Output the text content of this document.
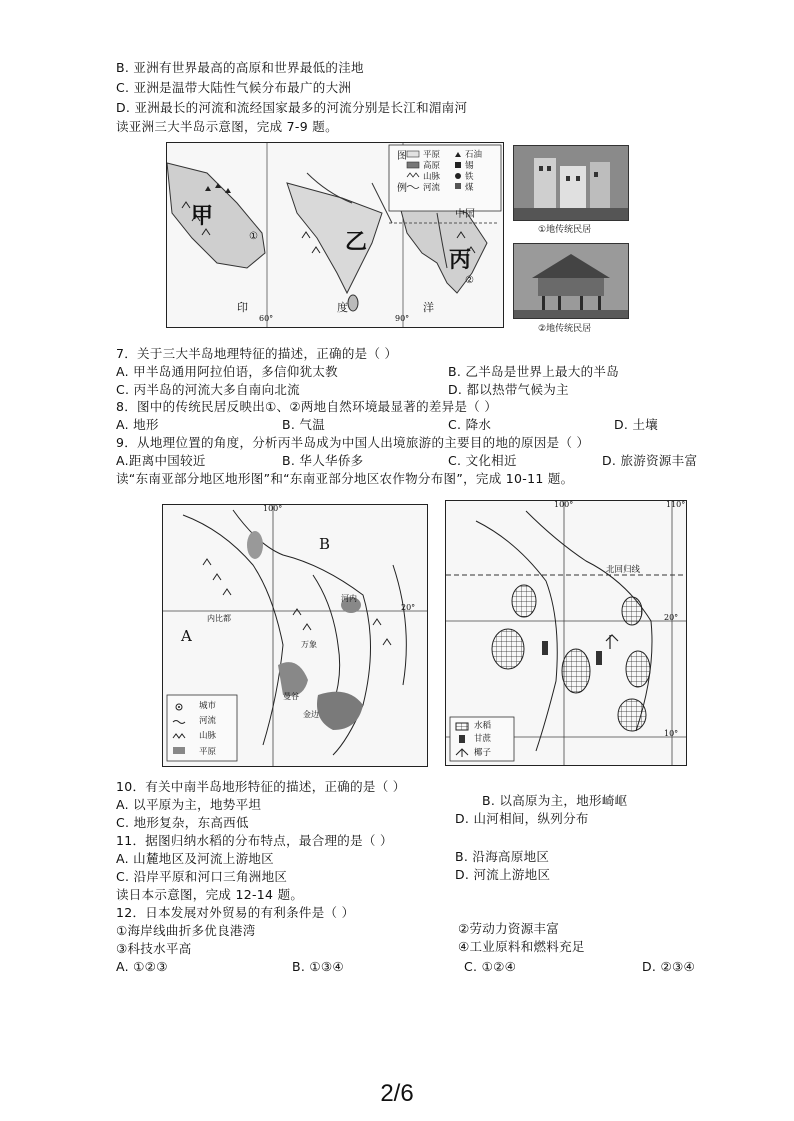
B. 亚洲有世界最高的高原和世界最低的洼地
C. 亚洲是温带大陆性气候分布最广的大洲
D. 亚洲最长的河流和流经国家最多的河流分别是长江和湄南河
读亚洲三大半岛示意图，完成 7-9 题。
图
例
平原
高原
山脉
河流
石油
锡
铁
煤
甲
乙
丙
中国
印	度	洋
60°	90°
①
②
①地传统民居
②地传统民居
7．关于三大半岛地理特征的描述，正确的是（ ）
A. 甲半岛通用阿拉伯语，多信仰犹太教	B. 乙半岛是世界上最大的半岛
C. 丙半岛的河流大多自南向北流	D. 都以热带气候为主
8．图中的传统民居反映出①、②两地自然环境最显著的差异是（ ）
A. 地形	B. 气温	C. 降水	D. 土壤
9．从地理位置的角度，分析丙半岛成为中国人出境旅游的主要目的地的原因是（ ）
A.距离中国较近	B. 华人华侨多	C. 文化相近	D. 旅游资源丰富
读“东南亚部分地区地形图”和“东南亚部分地区农作物分布图”，完成 10-11 题。
城市
河流
山脉
平原
100°
20°
A
B
内比都
万象
曼谷
金边
河内
水稻
甘蔗
椰子
北回归线
100°	110°
20°
10°
10．有关中南半岛地形特征的描述，正确的是（ ）
A. 以平原为主，地势平坦	B. 以高原为主，地形崎岖
C. 地形复杂，东高西低	D. 山河相间，纵列分布
11．据图归纳水稻的分布特点，最合理的是（ ）
A. 山麓地区及河流上游地区	B. 沿海高原地区
C. 沿岸平原和河口三角洲地区	D. 河流上游地区
读日本示意图，完成 12-14 题。
12．日本发展对外贸易的有利条件是（ ）
①海岸线曲折多优良港湾	②劳动力资源丰富
③科技水平高	④工业原料和燃料充足
A. ①②③	B. ①③④	C. ①②④	D. ②③④
2/6
